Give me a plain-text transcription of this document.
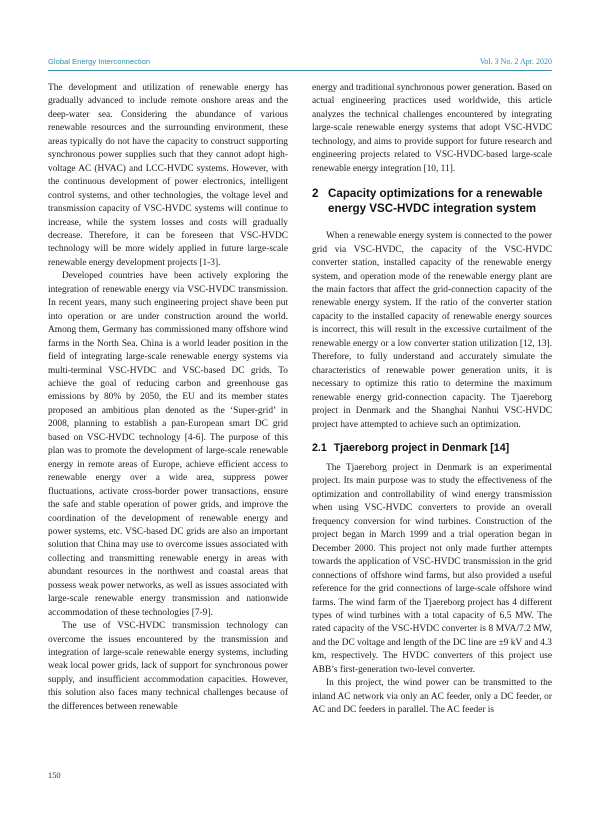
Global Energy Interconnection	Vol. 3 No. 2 Apr. 2020

The development and utilization of renewable energy has gradually advanced to include remote onshore areas and the deep-water sea. Considering the abundance of various renewable resources and the surrounding environment, these areas typically do not have the capacity to construct supporting synchronous power supplies such that they cannot adopt high-voltage AC (HVAC) and LCC-HVDC systems. However, with the continuous development of power electronics, intelligent control systems, and other technologies, the voltage level and transmission capacity of VSC-HVDC systems will continue to increase, while the system losses and costs will gradually decrease. Therefore, it can be foreseen that VSC-HVDC technology will be more widely applied in future large-scale renewable energy development projects [1-3].

Developed countries have been actively exploring the integration of renewable energy via VSC-HVDC transmission. In recent years, many such engineering project shave been put into operation or are under construction around the world. Among them, Germany has commissioned many offshore wind farms in the North Sea. China is a world leader position in the field of integrating large-scale renewable energy systems via multi-terminal VSC-HVDC and VSC-based DC grids. To achieve the goal of reducing carbon and greenhouse gas emissions by 80% by 2050, the EU and its member states proposed an ambitious plan denoted as the ‘Super-grid’ in 2008, planning to establish a pan-European smart DC grid based on VSC-HVDC technology [4-6]. The purpose of this plan was to promote the development of large-scale renewable energy in remote areas of Europe, achieve efficient access to renewable energy over a wide area, suppress power fluctuations, activate cross-border power transactions, ensure the safe and stable operation of power grids, and improve the coordination of the development of renewable energy and power systems, etc. VSC-based DC grids are also an important solution that China may use to overcome issues associated with collecting and transmitting renewable energy in areas with abundant resources in the northwest and coastal areas that possess weak power networks, as well as issues associated with large-scale renewable energy transmission and nationwide accommodation of these technologies [7-9].

The use of VSC-HVDC transmission technology can overcome the issues encountered by the transmission and integration of large-scale renewable energy systems, including weak local power grids, lack of support for synchronous power supply, and insufficient accommodation capacities. However, this solution also faces many technical challenges because of the differences between renewable

energy and traditional synchronous power generation. Based on actual engineering practices used worldwide, this article analyzes the technical challenges encountered by integrating large-scale renewable energy systems that adopt VSC-HVDC technology, and aims to provide support for future research and engineering projects related to VSC-HVDC-based large-scale renewable energy integration [10, 11].

2 Capacity optimizations for a renewable energy VSC-HVDC integration system

When a renewable energy system is connected to the power grid via VSC-HVDC, the capacity of the VSC-HVDC converter station, installed capacity of the renewable energy system, and operation mode of the renewable energy plant are the main factors that affect the grid-connection capacity of the renewable energy system. If the ratio of the converter station capacity to the installed capacity of renewable energy sources is incorrect, this will result in the excessive curtailment of the renewable energy or a low converter station utilization [12, 13]. Therefore, to fully understand and accurately simulate the characteristics of renewable power generation units, it is necessary to optimize this ratio to determine the maximum renewable energy grid-connection capacity. The Tjaereborg project in Denmark and the Shanghai Nanhui VSC-HVDC project have attempted to achieve such an optimization.

2.1 Tjaereborg project in Denmark [14]

The Tjaereborg project in Denmark is an experimental project. Its main purpose was to study the effectiveness of the optimization and controllability of wind energy transmission when using VSC-HVDC converters to provide an overall frequency conversion for wind turbines. Construction of the project began in March 1999 and a trial operation began in December 2000. This project not only made further attempts towards the application of VSC-HVDC transmission in the grid connections of offshore wind farms, but also provided a useful reference for the grid connections of large-scale offshore wind farms. The wind farm of the Tjaereborg project has 4 different types of wind turbines with a total capacity of 6.5 MW. The rated capacity of the VSC-HVDC converter is 8 MVA/7.2 MW, and the DC voltage and length of the DC line are ±9 kV and 4.3 km, respectively. The HVDC converters of this project use ABB’s first-generation two-level converter.

In this project, the wind power can be transmitted to the inland AC network via only an AC feeder, only a DC feeder, or AC and DC feeders in parallel. The AC feeder is

150
